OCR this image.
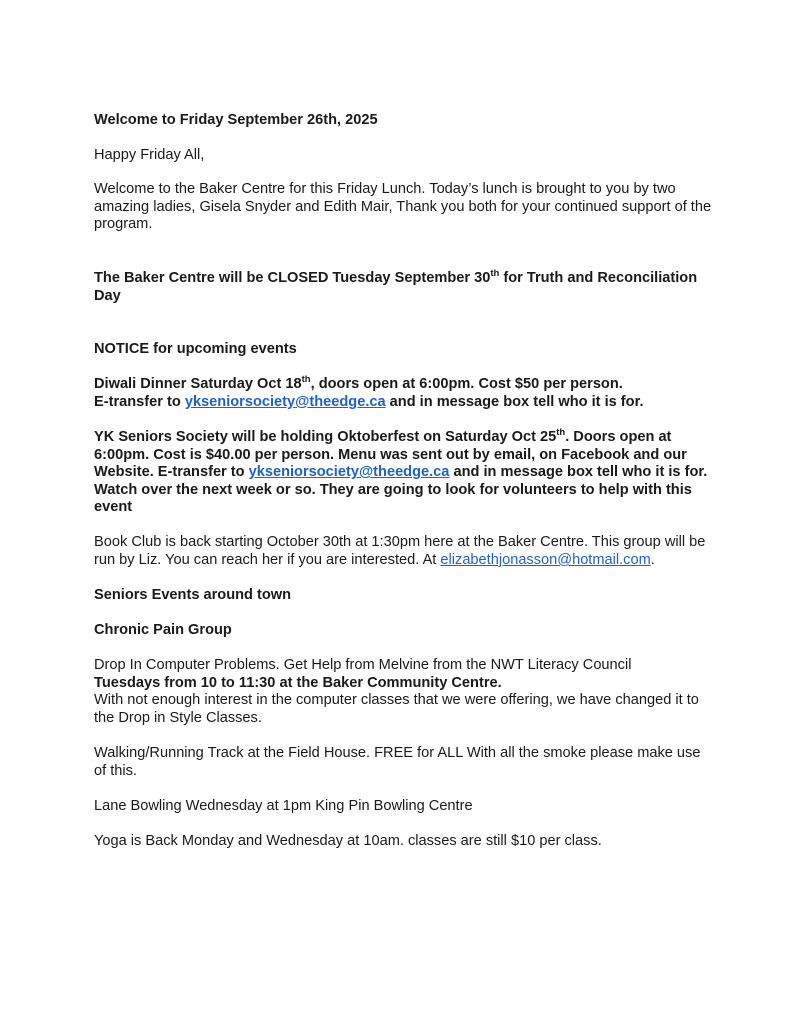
Welcome to Friday September 26th, 2025

Happy Friday All,

Welcome to the Baker Centre for this Friday Lunch. Today’s lunch is brought to you by two amazing ladies, Gisela Snyder and Edith Mair, Thank you both for your continued support of the program.

The Baker Centre will be CLOSED Tuesday September 30th for Truth and Reconciliation Day

NOTICE for upcoming events

Diwali Dinner Saturday Oct 18th, doors open at 6:00pm. Cost $50 per person.
E-transfer to ykseniorsociety@theedge.ca and in message box tell who it is for.

YK Seniors Society will be holding Oktoberfest on Saturday Oct 25th. Doors open at 6:00pm. Cost is $40.00 per person. Menu was sent out by email, on Facebook and our Website. E-transfer to ykseniorsociety@theedge.ca and in message box tell who it is for. Watch over the next week or so. They are going to look for volunteers to help with this event

Book Club is back starting October 30th at 1:30pm here at the Baker Centre. This group will be run by Liz. You can reach her if you are interested. At elizabethjonasson@hotmail.com.

Seniors Events around town

Chronic Pain Group

Drop In Computer Problems. Get Help from Melvine from the NWT Literacy Council
Tuesdays from 10 to 11:30 at the Baker Community Centre.
With not enough interest in the computer classes that we were offering, we have changed it to the Drop in Style Classes.

Walking/Running Track at the Field House. FREE for ALL With all the smoke please make use of this.

Lane Bowling Wednesday at 1pm King Pin Bowling Centre

Yoga is Back Monday and Wednesday at 10am. classes are still $10 per class.
